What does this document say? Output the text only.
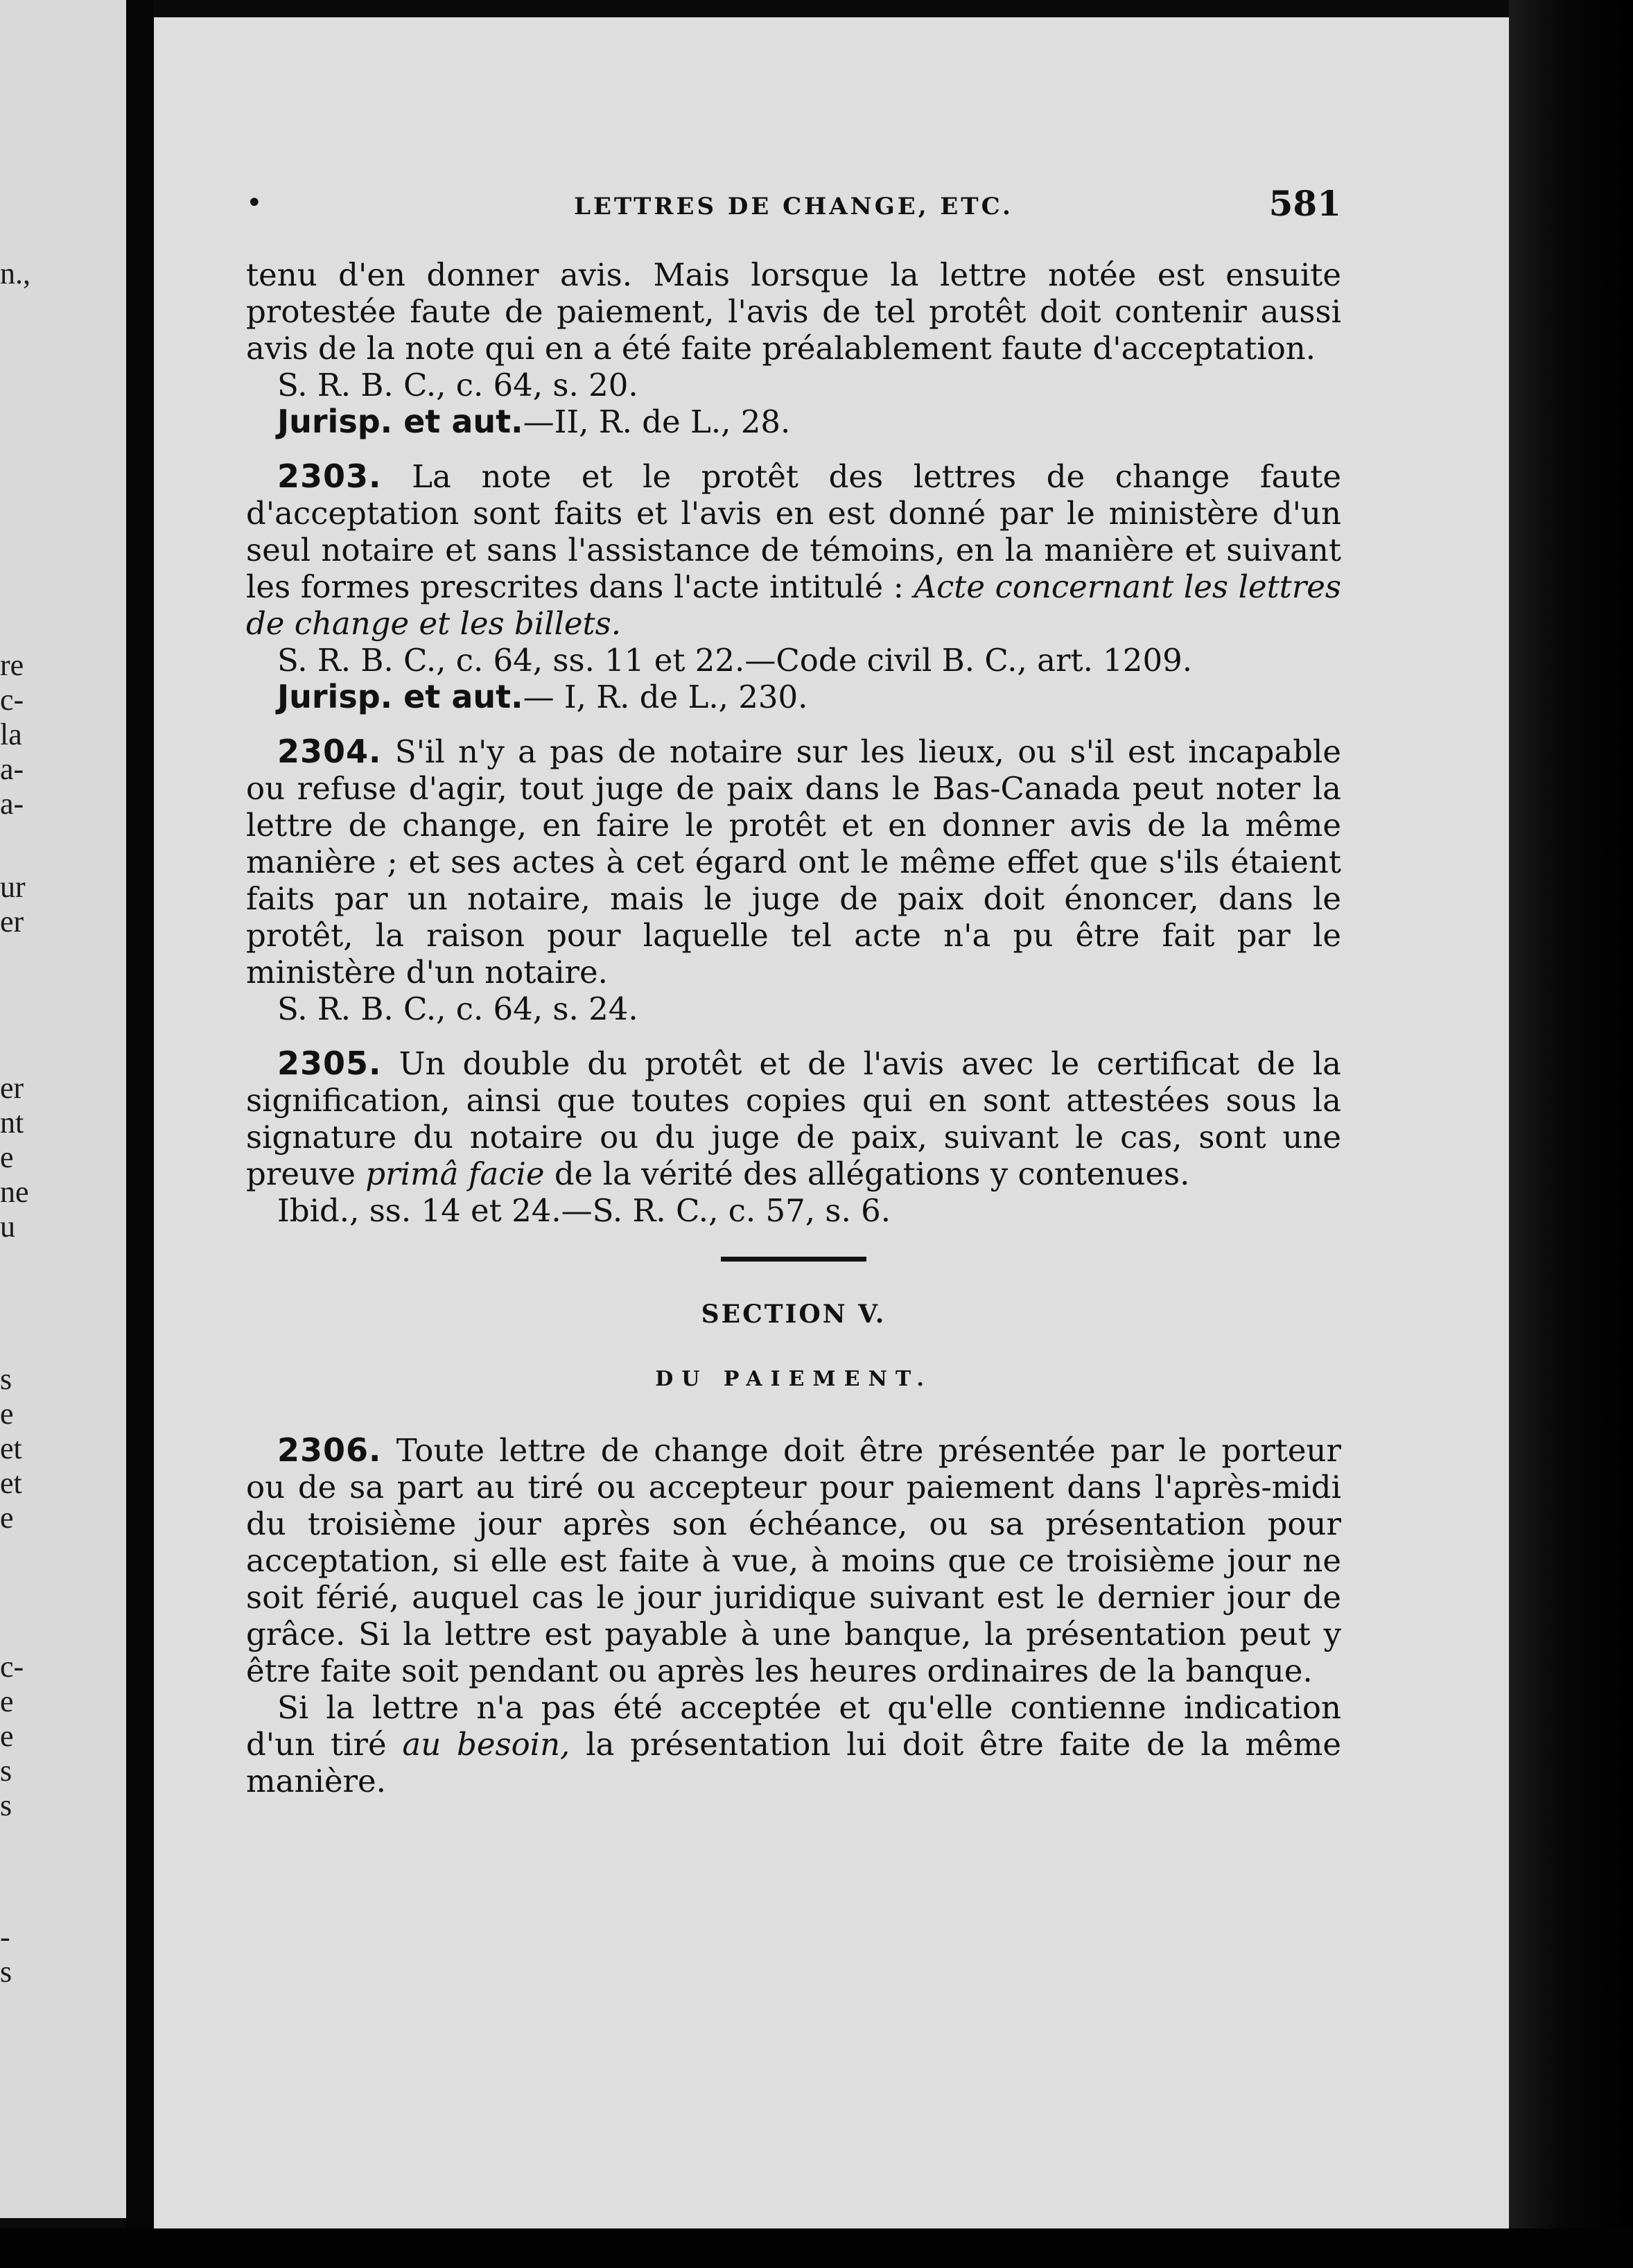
n.,
re
c-
la
a-
a-
ur
er
er
nt
e
ne
u
s
e
et
et
e
c-
e
e
s
s
-
s
•	LETTRES DE CHANGE, ETC.	581

tenu d'en donner avis. Mais lorsque la lettre notée est ensuite protestée faute de paiement, l'avis de tel protêt doit contenir aussi avis de la note qui en a été faite préalablement faute d'acceptation.

S. R. B. C., c. 64, s. 20.

Jurisp. et aut.—II, R. de L., 28.

2303. La note et le protêt des lettres de change faute d'acceptation sont faits et l'avis en est donné par le ministère d'un seul notaire et sans l'assistance de témoins, en la manière et suivant les formes prescrites dans l'acte intitulé : Acte concernant les lettres de change et les billets.

S. R. B. C., c. 64, ss. 11 et 22.—Code civil B. C., art. 1209.

Jurisp. et aut.— I, R. de L., 230.

2304. S'il n'y a pas de notaire sur les lieux, ou s'il est incapable ou refuse d'agir, tout juge de paix dans le Bas-Canada peut noter la lettre de change, en faire le protêt et en donner avis de la même manière ; et ses actes à cet égard ont le même effet que s'ils étaient faits par un notaire, mais le juge de paix doit énoncer, dans le protêt, la raison pour laquelle tel acte n'a pu être fait par le ministère d'un notaire.

S. R. B. C., c. 64, s. 24.

2305. Un double du protêt et de l'avis avec le certificat de la signification, ainsi que toutes copies qui en sont attestées sous la signature du notaire ou du juge de paix, suivant le cas, sont une preuve primâ facie de la vérité des allégations y contenues.

Ibid., ss. 14 et 24.—S. R. C., c. 57, s. 6.

SECTION V.
DU PAIEMENT.

2306. Toute lettre de change doit être présentée par le porteur ou de sa part au tiré ou accepteur pour paiement dans l'après-midi du troisième jour après son échéance, ou sa présentation pour acceptation, si elle est faite à vue, à moins que ce troisième jour ne soit férié, auquel cas le jour juridique suivant est le dernier jour de grâce. Si la lettre est payable à une banque, la présentation peut y être faite soit pendant ou après les heures ordinaires de la banque.

Si la lettre n'a pas été acceptée et qu'elle contienne indication d'un tiré au besoin, la présentation lui doit être faite de la même manière.
